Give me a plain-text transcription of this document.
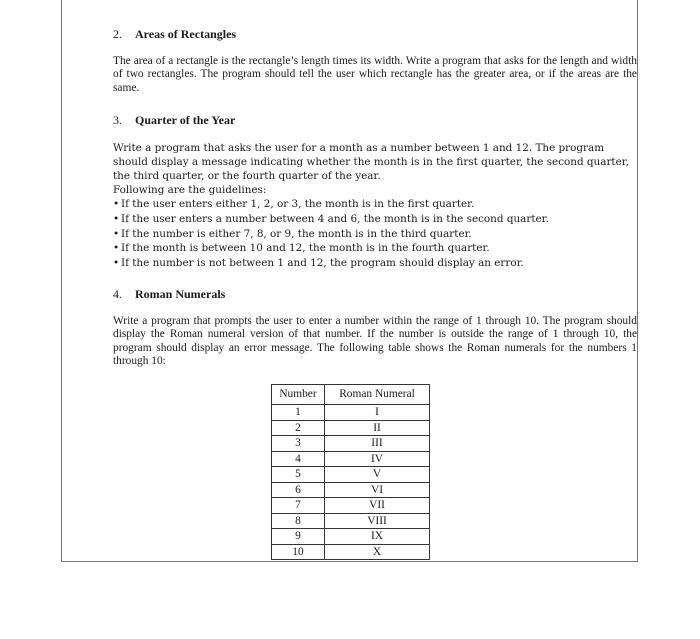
2. Areas of Rectangles

The area of a rectangle is the rectangle’s length times its width. Write a program that asks for the length and width of two rectangles. The program should tell the user which rectangle has the greater area, or if the areas are the same.

3. Quarter of the Year

Write a program that asks the user for a month as a number between 1 and 12. The program should display a message indicating whether the month is in the first quarter, the second quarter, the third quarter, or the fourth quarter of the year.

Following are the guidelines:

• If the user enters either 1, 2, or 3, the month is in the first quarter.
• If the user enters a number between 4 and 6, the month is in the second quarter.
• If the number is either 7, 8, or 9, the month is in the third quarter.
• If the month is between 10 and 12, the month is in the fourth quarter.
• If the number is not between 1 and 12, the program should display an error.
4. Roman Numerals

Write a program that prompts the user to enter a number within the range of 1 through 10. The program should display the Roman numeral version of that number. If the number is outside the range of 1 through 10, the program should display an error message. The following table shows the Roman numerals for the numbers 1 through 10:

Number	Roman Numeral
1	I
2	II
3	III
4	IV
5	V
6	VI
7	VII
8	VIII
9	IX
10	X
